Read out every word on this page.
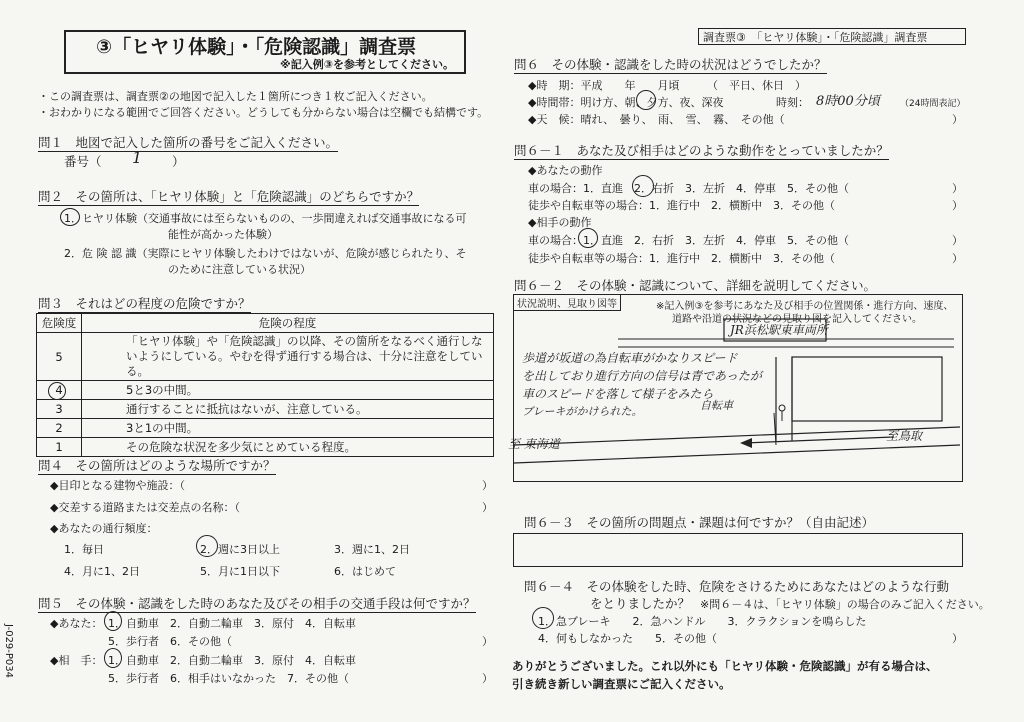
③「ヒヤリ体験」・「危険認識」調査票
※記入例③を参考としてください。
調査票③　「ヒヤリ体験」・「危険認識」調査票
J-029-P034
・この調査票は、調査票②の地図で記入した１箇所につき１枚ご記入ください。
・おわかりになる範囲でご回答ください。どうしても分からない場合は空欄でも結構です。
問１　地図で記入した箇所の番号をご記入ください。
番号（ 1 ）
問２　その箇所は、「ヒヤリ体験」と「危険認識」のどちらですか？
1．ヒヤリ体験（交通事故には至らないものの、一歩間違えれば交通事故になる可
能性が高かった体験）
2．危 険 認 識（実際にヒヤリ体験したわけではないが、危険が感じられたり、そ
のために注意している状況）
問３　それはどの程度の危険ですか？
危険度	危険の程度
5	「ヒヤリ体験」や「危険認識」の以降、その箇所をなるべく通行しないようにしている。やむを得ず通行する場合は、十分に注意をしている。
4	5と3の中間。
3	通行することに抵抗はないが、注意している。
2	3と1の中間。
1	その危険な状況を多少気にとめている程度。
問４　その箇所はどのような場所ですか？
◆目印となる建物や施設：（	）
◆交差する道路または交差点の名称：（	）
◆あなたの通行頻度：
1．毎日	2．週に3日以上	3．週に1、2日
4．月に1、2日	5．月に1日以下	6．はじめて
問５　その体験・認識をした時のあなた及びその相手の交通手段は何ですか？
◆あなた： 1．自動車　2．自動二輪車　3．原付　4．自転車
5．歩行者　6．その他（	）
◆相　手： 1．自動車　2．自動二輪車　3．原付　4．自転車
5．歩行者　6．相手はいなかった　7．その他（	）
問６　その体験・認識をした時の状況はどうでしたか？
◆時　期：平成　　年　　月頃　　　（　平日、休日　）
◆時間帯：明け方、朝、夕方、夜、深夜	時刻： 8時00分頃 （24時間表記）
◆天　候：晴れ、　曇り、　雨、　雪、　霧、　その他（	）
問６－１　あなた及び相手はどのような動作をとっていましたか？
◆あなたの動作
車の場合：1．直進　2．右折　3．左折　4．停車　5．その他（	）
徒歩や自転車等の場合：1．進行中　2．横断中　3．その他（	）
◆相手の動作
車の場合：1．直進　2．右折　3．左折　4．停車　5．その他（	）
徒歩や自転車等の場合：1．進行中　2．横断中　3．その他（	）
問６－２　その体験・認識について、詳細を説明してください。
状況説明、見取り図等	※記入例③を参考にあなた及び相手の位置関係・進行方向、速度、
道路や沿道の状況などの見取り図を記入してください。
JR浜松駅東車両所
歩道が坂道の為自転車がかなりスピード
を出しており進行方向の信号は青であったが
車のスピードを落して様子をみたら
ブレーキがかけられた。	自転車
至 東海道
至鳥取
問６－３　その箇所の問題点・課題は何ですか？（自由記述）
問６－４　その体験をした時、危険をさけるためにあなたはどのような行動
をとりましたか？ ※問６－４は、「ヒヤリ体験」の場合のみご記入ください。
1．急ブレーキ　　2．急ハンドル　　3．クラクションを鳴らした
4．何もしなかった　　5．その他（	）
ありがとうございました。これ以外にも「ヒヤリ体験・危険認識」が有る場合は、
引き続き新しい調査票にご記入ください。
